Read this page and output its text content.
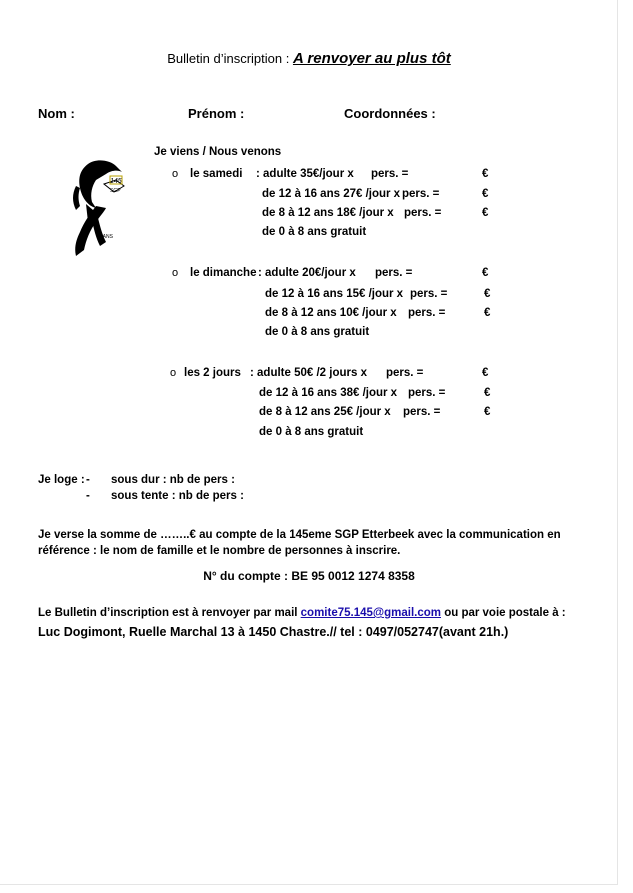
Bulletin d’inscription : A renvoyer au plus tôt
Nom :	Prénom :	Coordonnées :
145
SGP
75 ANS
Je viens / Nous venons
o le samedi : adulte 35€/jour x pers. =	€
de 12 à 16 ans 27€ /jour x pers. =	€
de 8 à 12 ans 18€ /jour x pers. =	€
de 0 à 8 ans gratuit
o le dimanche : adulte 20€/jour x pers. =	€
de 12 à 16 ans 15€ /jour x pers. =	€
de 8 à 12 ans 10€ /jour x pers. =	€
de 0 à 8 ans gratuit
o les 2 jours : adulte 50€ /2 jours x pers. =	€
de 12 à 16 ans 38€ /jour x pers. =	€
de 8 à 12 ans 25€ /jour x pers. =	€
de 0 à 8 ans gratuit
Je loge : - sous dur : nb de pers :
- sous tente : nb de pers :
Je verse la somme de ……..€ au compte de la 145eme SGP Etterbeek avec la communication en
référence : le nom de famille et le nombre de personnes à inscrire.
N° du compte : BE 95 0012 1274 8358
Le Bulletin d’inscription est à renvoyer par mail comite75.145@gmail.com ou par voie postale à :
Luc Dogimont, Ruelle Marchal 13 à 1450 Chastre.// tel : 0497/052747(avant 21h.)
